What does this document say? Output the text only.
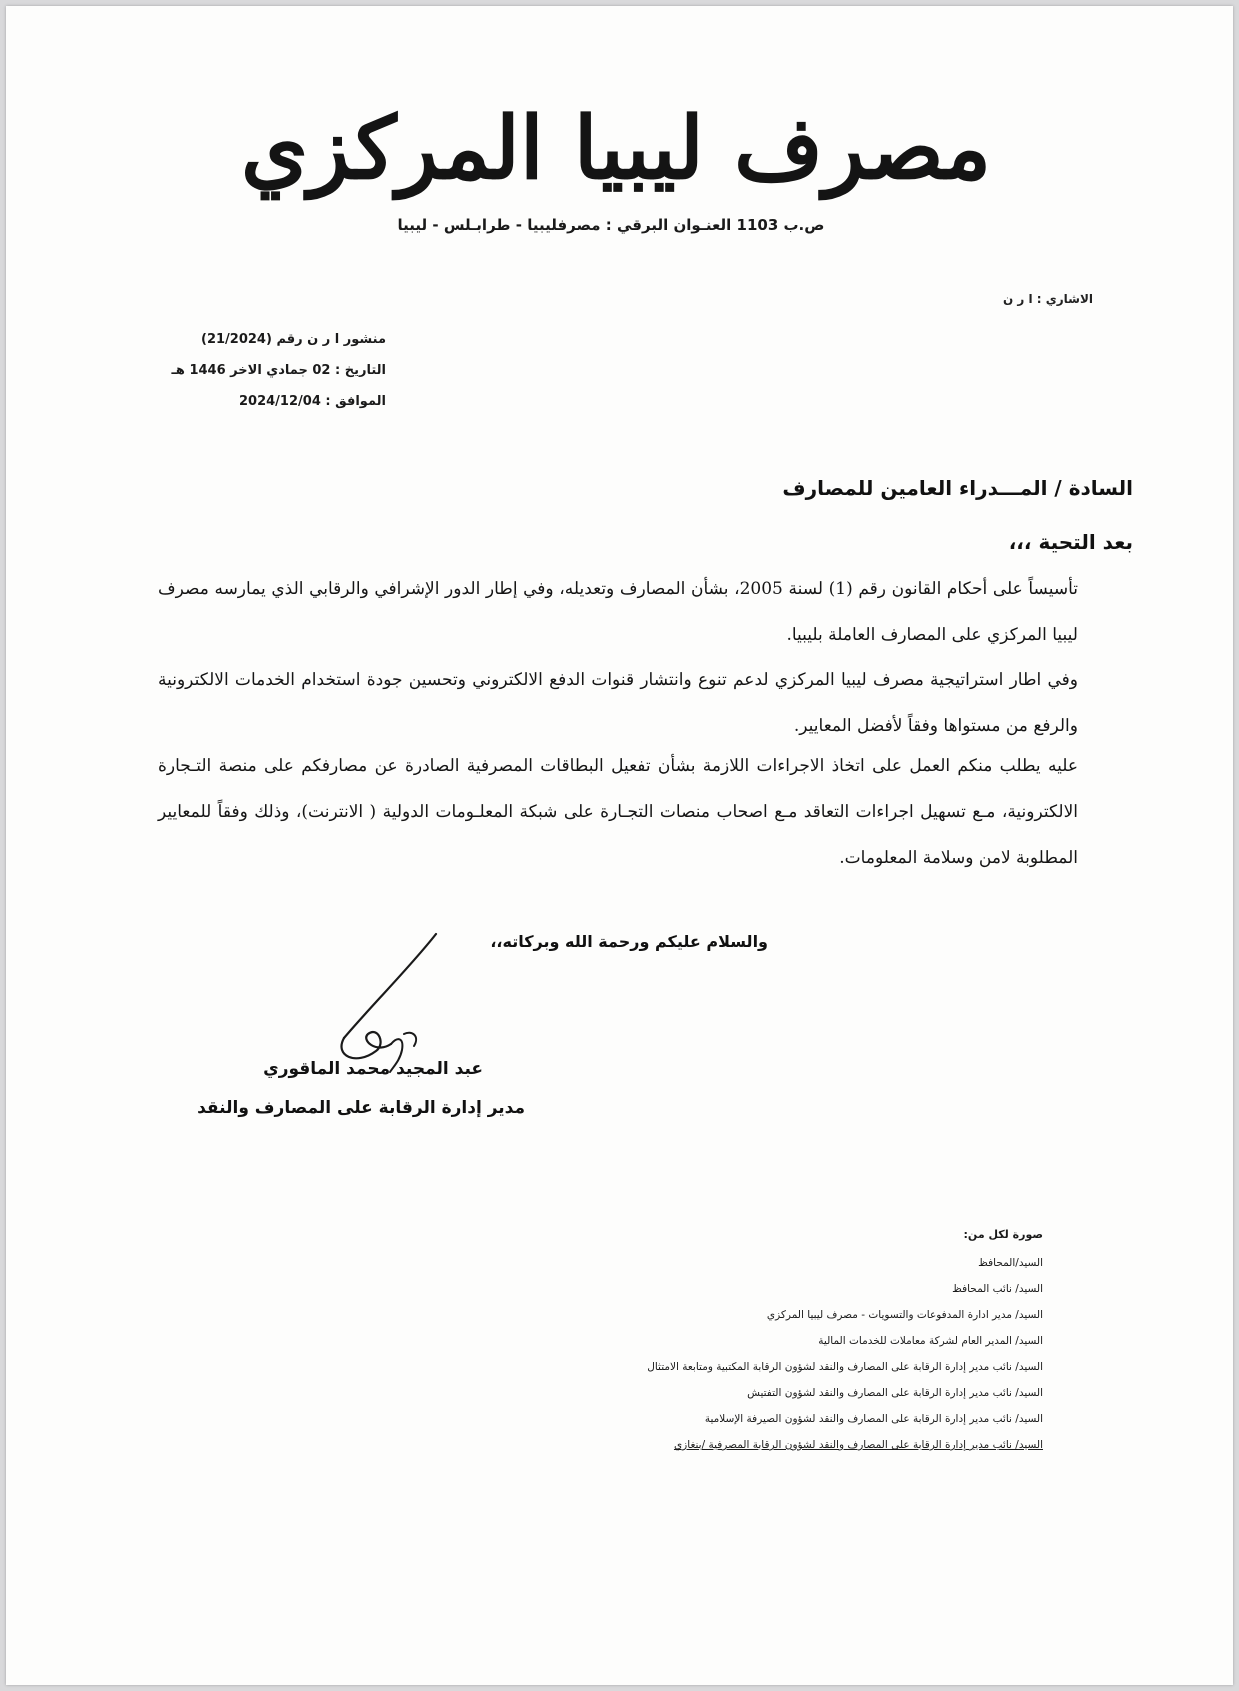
مصرف ليبيا المركزي
ص.ب 1103 العنـوان البرقي : مصرفليبيا - طرابـلس - ليبيا
الاشاري : ا ر ن
منشور ا ر ن رقم (21/2024)
التاريخ : 02 جمادي الاخر 1446 هـ
الموافق : 2024/12/04
السادة / المـــدراء العامين للمصارف
بعد التحية ،،،
تأسيساً على أحكام القانون رقم (1) لسنة 2005، بشأن المصارف وتعديله، وفي إطار الدور الإشرافي والرقابي الذي يمارسه مصرف ليبيا المركزي على المصارف العاملة بليبيا.
وفي اطار استراتيجية مصرف ليبيا المركزي لدعم تنوع وانتشار قنوات الدفع الالكتروني وتحسين جودة استخدام الخدمات الالكترونية والرفع من مستواها وفقاً لأفضل المعايير.
عليه يطلب منكم العمل على اتخاذ الاجراءات اللازمة بشأن تفعيل البطاقات المصرفية الصادرة عن مصارفكم على منصة التـجارة الالكترونية، مـع تسهيل اجراءات التعاقد مـع اصحاب منصات التجـارة على شبكة المعلـومات الدولية ( الانترنت)، وذلك وفقاً للمعايير المطلوبة لامن وسلامة المعلومات.
والسلام عليكم ورحمة الله وبركاته،،
عبد المجيد محمد الماقوري
مدير إدارة الرقابة على المصارف والنقد
صورة لكل من:
السيد/المحافظ
السيد/ نائب المحافظ
السيد/ مدير ادارة المدفوعات والتسويات - مصرف ليبيا المركزي
السيد/ المدير العام لشركة معاملات للخدمات المالية
السيد/ نائب مدير إدارة الرقابة على المصارف والنقد لشؤون الرقابة المكتبية ومتابعة الامتثال
السيد/ نائب مدير إدارة الرقابة على المصارف والنقد لشؤون التفتيش
السيد/ نائب مدير إدارة الرقابة على المصارف والنقد لشؤون الصيرفة الإسلامية
السيد/ نائب مدير إدارة الرقابة على المصارف والنقد لشؤون الرقابة المصرفية /بنغازي
